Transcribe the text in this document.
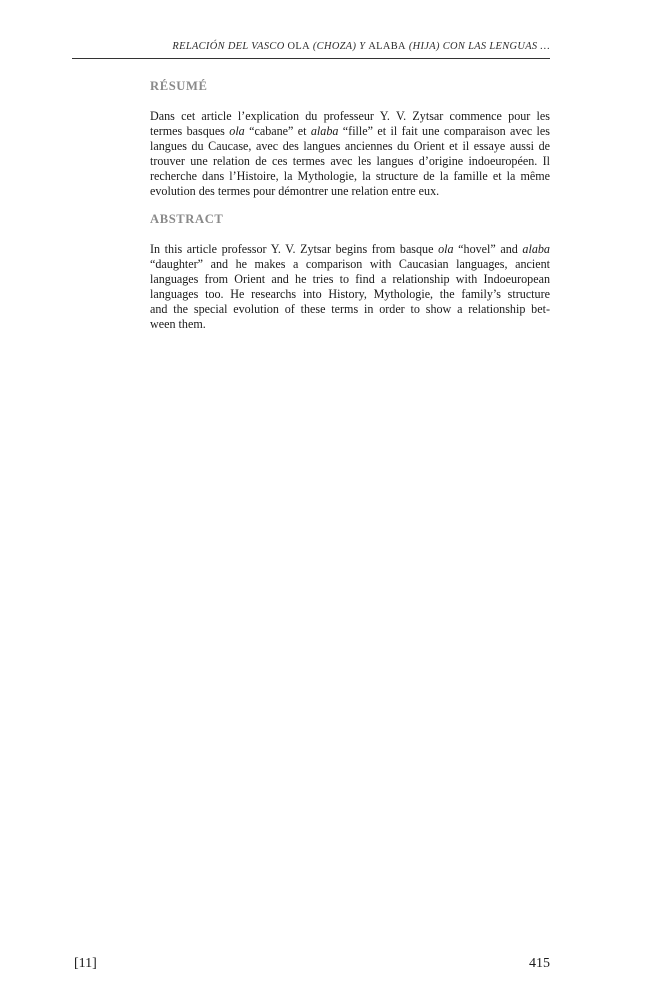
RELACIÓN DEL VASCO OLA (CHOZA) Y ALABA (HIJA) CON LAS LENGUAS …
RÉSUMÉ

Dans cet article l’explication du professeur Y. V. Zytsar commence pour les
termes basques ola “cabane” et alaba “fille” et il fait une comparaison avec les
langues du Caucase, avec des langues anciennes du Orient et il essaye aussi de
trouver une relation de ces termes avec les langues d’origine indoeuropéen. Il
recherche dans l’Histoire, la Mythologie, la structure de la famille et la même
evolution des termes pour démontrer une relation entre eux.

ABSTRACT

In this article professor Y. V. Zytsar begins from basque ola “hovel” and alaba
“daughter” and he makes a comparison with Caucasian languages, ancient
languages from Orient and he tries to find a relationship with Indoeuropean
languages too. He researchs into History, Mythologie, the family’s structure
and the special evolution of these terms in order to show a relationship bet-
ween them.

[11]	415
